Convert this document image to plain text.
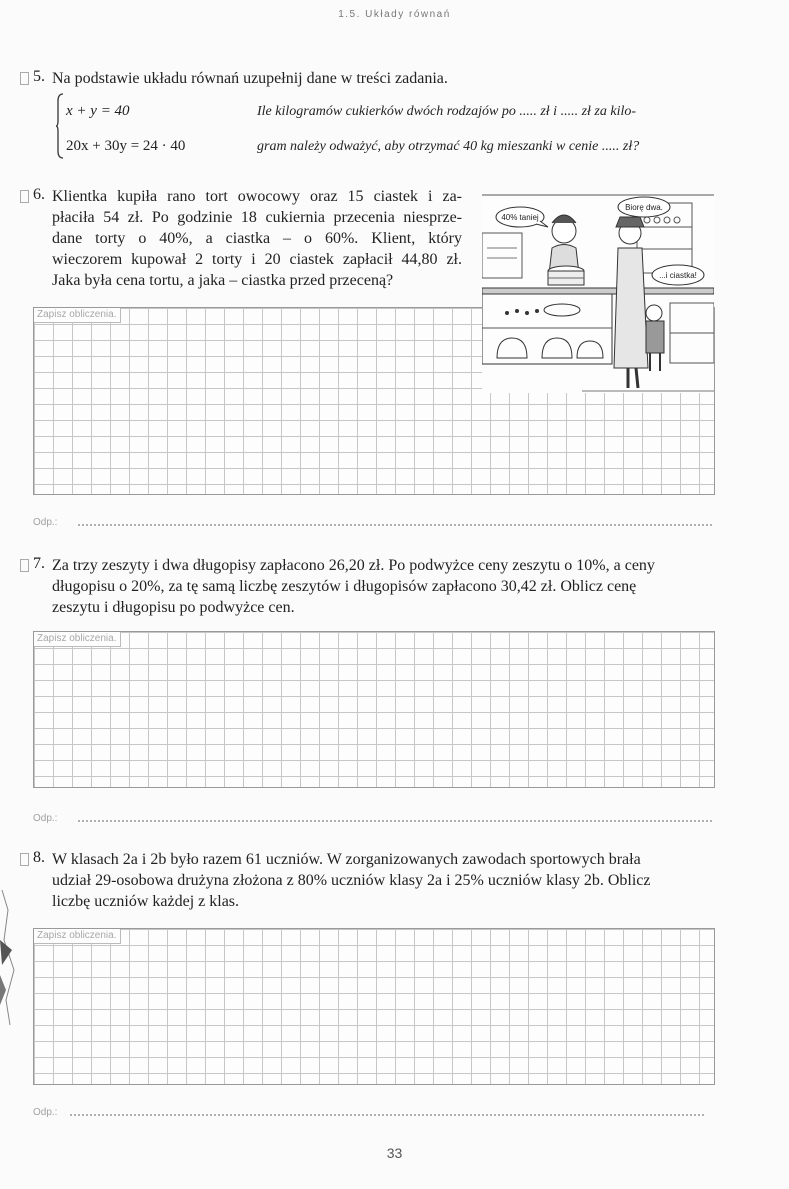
1.5. Układy równań
5. Na podstawie układu równań uzupełnij dane w treści zadania.
x + y = 40
20x + 30y = 24 · 40
Ile kilogramów cukierków dwóch rodzajów po ..... zł i ..... zł za kilo-
gram należy odważyć, aby otrzymać 40 kg mieszanki w cenie ..... zł?
6. Klientka kupiła rano tort owocowy oraz 15 ciastek i za-
płaciła 54 zł. Po godzinie 18 cukiernia przecenia niesprze-
dane torty o 40%, a ciastka – o 60%. Klient, który
wieczorem kupował 2 torty i 20 ciastek zapłacił 44,80 zł.
Jaka była cena tortu, a jaka – ciastka przed przeceną?
Zapisz obliczenia.
40% taniej
Biorę dwa.
...i ciastka!
Odp.:
7. Za trzy zeszyty i dwa długopisy zapłacono 26,20 zł. Po podwyżce ceny zeszytu o 10%, a ceny
długopisu o 20%, za tę samą liczbę zeszytów i długopisów zapłacono 30,42 zł. Oblicz cenę
zeszytu i długopisu po podwyżce cen.
Zapisz obliczenia.
Odp.:
8. W klasach 2a i 2b było razem 61 uczniów. W zorganizowanych zawodach sportowych brała
udział 29-osobowa drużyna złożona z 80% uczniów klasy 2a i 25% uczniów klasy 2b. Oblicz
liczbę uczniów każdej z klas.
Zapisz obliczenia.
Odp.:
33
